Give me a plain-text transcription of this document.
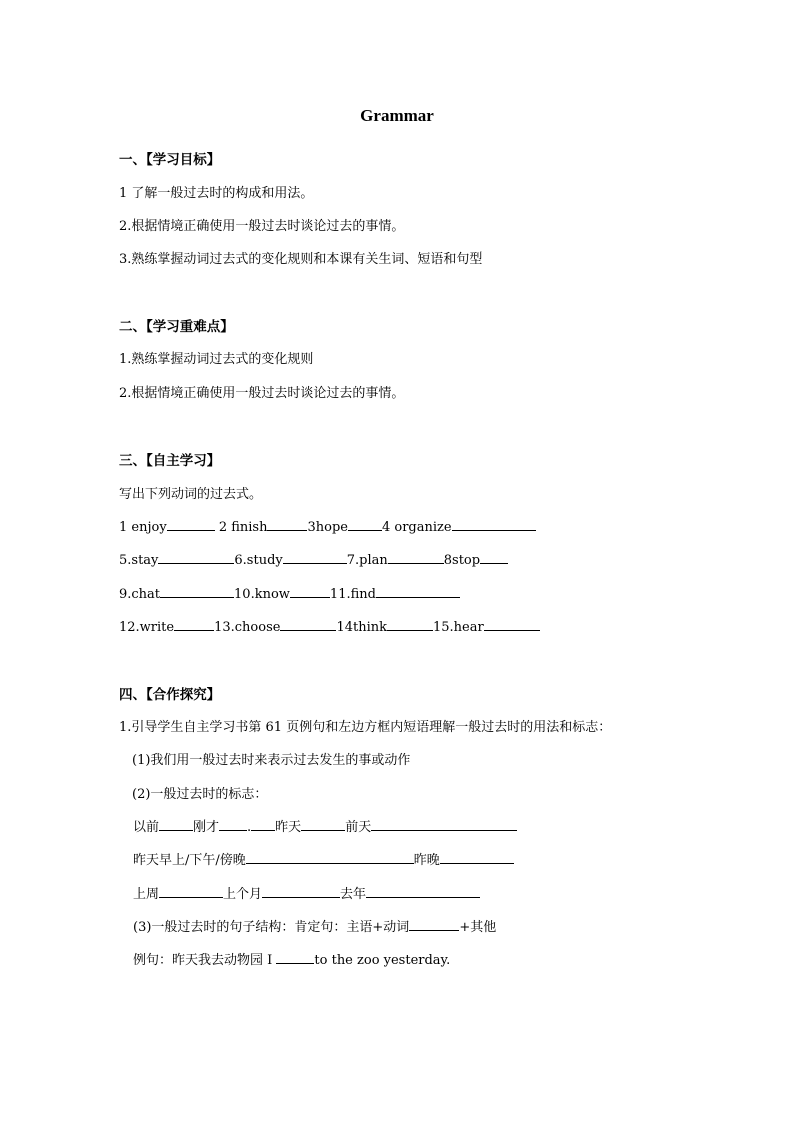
Grammar
一、【学习目标】
1 了解一般过去时的构成和用法。
2.根据情境正确使用一般过去时谈论过去的事情。
3.熟练掌握动词过去式的变化规则和本课有关生词、短语和句型
二、【学习重难点】
1.熟练掌握动词过去式的变化规则
2.根据情境正确使用一般过去时谈论过去的事情。
三、【自主学习】
写出下列动词的过去式。
1 enjoy	2 finish	3hope	4 organize
5.stay	6.study	7.plan	8stop
9.chat	10.know	11.find
12.write	13.choose	14think	15.hear
四、【合作探究】
1.引导学生自主学习书第 61 页例句和左边方框内短语理解一般过去时的用法和标志：
(1)我们用一般过去时来表示过去发生的事或动作
(2)一般过去时的标志：
以前	刚才 . 昨天	前天
昨天早上/下午/傍晚	昨晚
上周	上个月	去年
(3)一般过去时的句子结构：肯定句：主语+动词	+其他
例句：昨天我去动物园 I	to the zoo yesterday.
